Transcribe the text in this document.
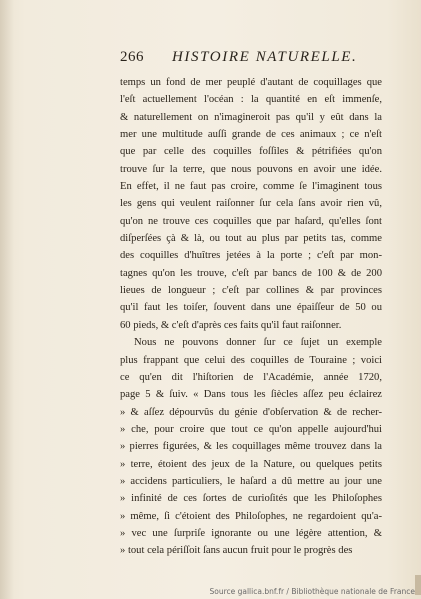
266 HISTOIRE NATURELLE.
temps un fond de mer peuplé d'autant de coquillages que
l'eſt actuellement l'océan : la quantité en eſt immenſe,
& naturellement on n'imagineroit pas qu'il y eût dans la
mer une multitude auſſi grande de ces animaux ; ce n'eſt
que par celle des coquilles foſſiles & pétrifiées qu'on
trouve ſur la terre, que nous pouvons en avoir une idée.
En effet, il ne faut pas croire, comme ſe l'imaginent tous
les gens qui veulent raiſonner ſur cela ſans avoir rien vû,
qu'on ne trouve ces coquilles que par haſard, qu'elles ſont
diſperſées çà & là, ou tout au plus par petits tas, comme
des coquilles d'huîtres jetées à la porte ; c'eſt par mon-
tagnes qu'on les trouve, c'eſt par bancs de 100 & de 200
lieues de longueur ; c'eſt par collines & par provinces
qu'il faut les toiſer, ſouvent dans une épaiſſeur de 50 ou
60 pieds, & c'eſt d'après ces faits qu'il faut raiſonner.
Nous ne pouvons donner ſur ce ſujet un exemple
plus frappant que celui des coquilles de Touraine ; voici
ce qu'en dit l'hiſtorien de l'Académie, année 1720,
page 5 & ſuiv. « Dans tous les ſiècles aſſez peu éclairez
» & aſſez dépourvûs du génie d'obſervation & de recher-
» che, pour croire que tout ce qu'on appelle aujourd'hui
» pierres figurées, & les coquillages même trouvez dans la
» terre, étoient des jeux de la Nature, ou quelques petits
» accidens particuliers, le haſard a dû mettre au jour une
» infinité de ces ſortes de curioſités que les Philoſophes
» même, ſi c'étoient des Philoſophes, ne regardoient qu'a-
» vec une ſurpriſe ignorante ou une légère attention, &
» tout cela périſſoit ſans aucun fruit pour le progrès des
Source gallica.bnf.fr / Bibliothèque nationale de France
